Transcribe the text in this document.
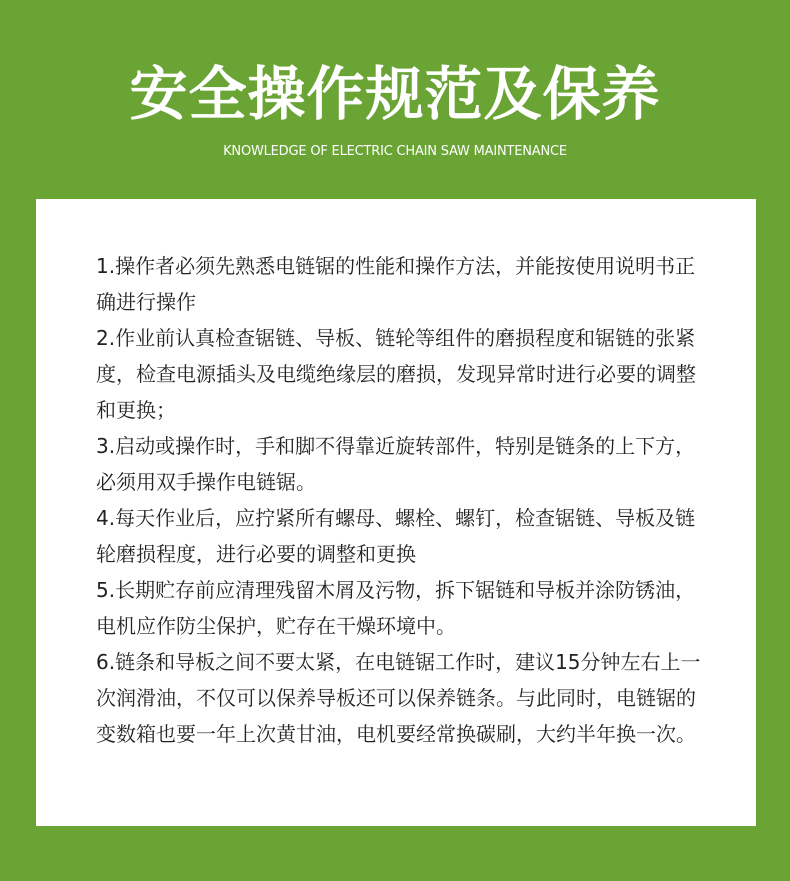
安全操作规范及保养
KNOWLEDGE OF ELECTRIC CHAIN SAW MAINTENANCE

1.操作者必须先熟悉电链锯的性能和操作方法，并能按使用说明书正确进行操作

2.作业前认真检查锯链、导板、链轮等组件的磨损程度和锯链的张紧度，检查电源插头及电缆绝缘层的磨损，发现异常时进行必要的调整和更换；

3.启动或操作时，手和脚不得靠近旋转部件，特别是链条的上下方，必须用双手操作电链锯。

4.每天作业后，应拧紧所有螺母、螺栓、螺钉，检查锯链、导板及链轮磨损程度，进行必要的调整和更换

5.长期贮存前应清理残留木屑及污物，拆下锯链和导板并涂防锈油，电机应作防尘保护，贮存在干燥环境中。

6.链条和导板之间不要太紧，在电链锯工作时，建议15分钟左右上一次润滑油，不仅可以保养导板还可以保养链条。与此同时，电链锯的变数箱也要一年上次黄甘油，电机要经常换碳刷，大约半年换一次。
